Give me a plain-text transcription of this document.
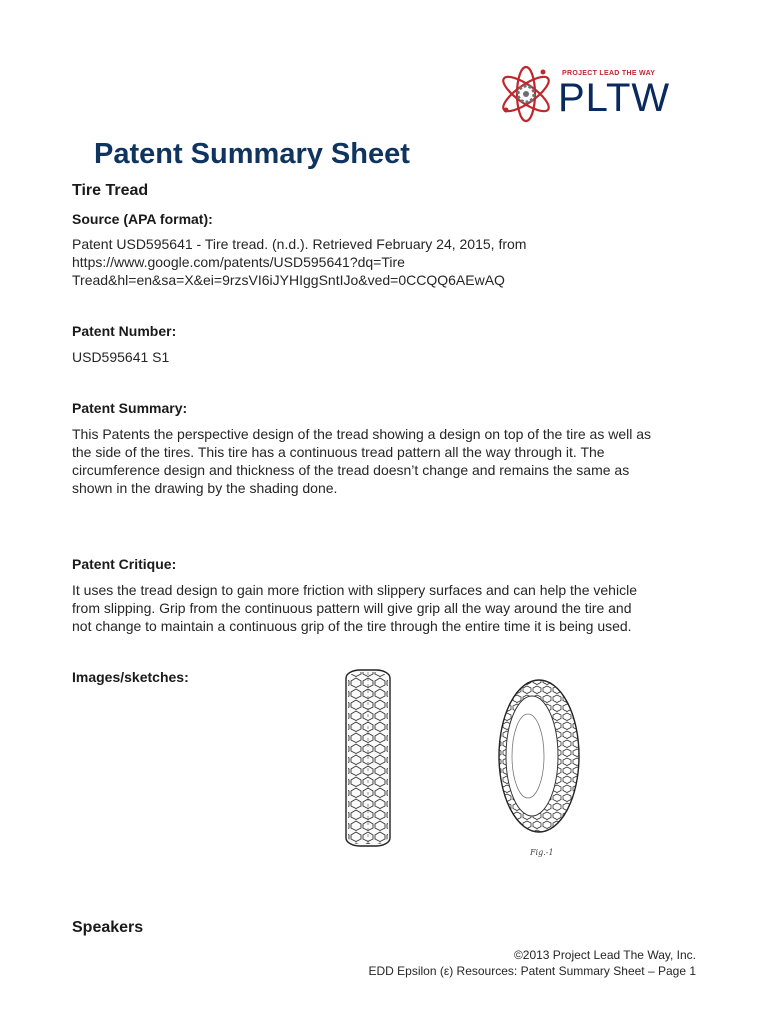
PROJECT LEAD THE WAY
PLTW
Patent Summary Sheet
Tire Tread
Source (APA format):
Patent USD595641 - Tire tread. (n.d.). Retrieved February 24, 2015, from
https://www.google.com/patents/USD595641?dq=Tire
Tread&hl=en&sa=X&ei=9rzsVI6iJYHIggSntIJo&ved=0CCQQ6AEwAQ
Patent Number:
USD595641 S1
Patent Summary:
This Patents the perspective design of the tread showing a design on top of the tire as well as
the side of the tires. This tire has a continuous tread pattern all the way through it. The
circumference design and thickness of the tread doesn’t change and remains the same as
shown in the drawing by the shading done.
Patent Critique:
It uses the tread design to gain more friction with slippery surfaces and can help the vehicle
from slipping. Grip from the continuous pattern will give grip all the way around the tire and
not change to maintain a continuous grip of the tire through the entire time it is being used.
Images/sketches:
Fig.-1
Speakers
©2013 Project Lead The Way, Inc.
EDD Epsilon (ε) Resources: Patent Summary Sheet – Page 1
